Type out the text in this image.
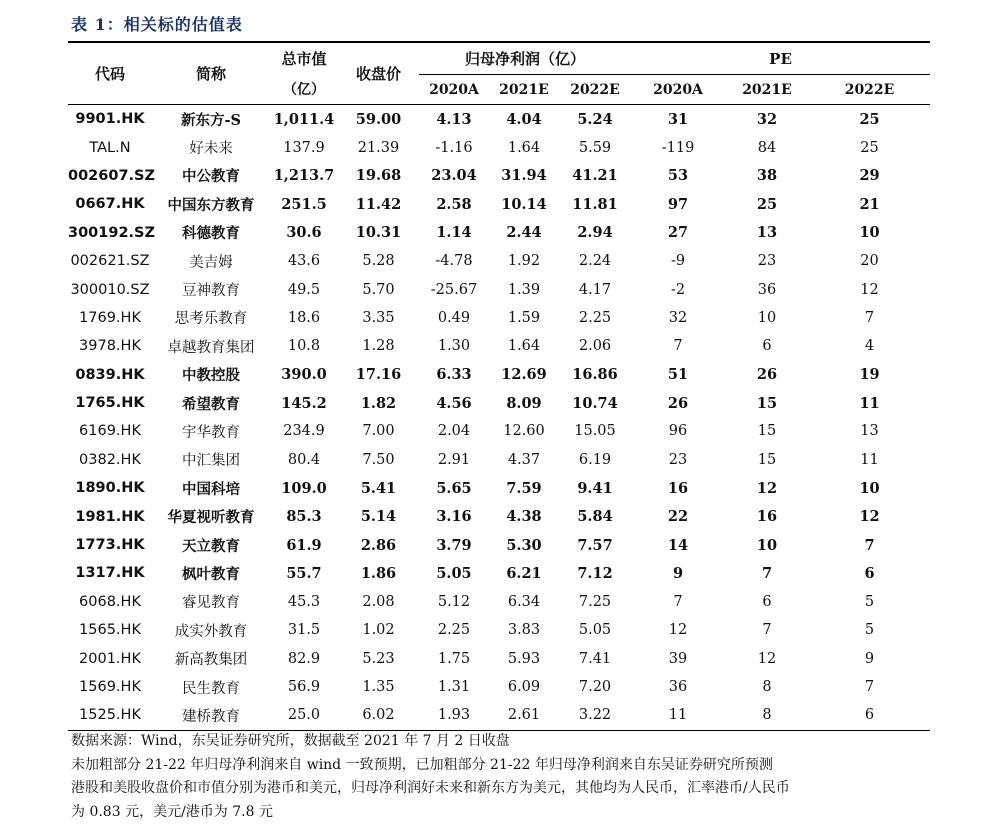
表 1：相关标的估值表
代码	简称	总市值	收盘价	归母净利润（亿）			PE		
		（亿）		2020A	2021E	2022E	2020A	2021E	2022E
9901.HK	新东方-S	1,011.4	59.00	4.13	4.04	5.24	31	32	25
TAL.N	好未来	137.9	21.39	-1.16	1.64	5.59	-119	84	25
002607.SZ	中公教育	1,213.7	19.68	23.04	31.94	41.21	53	38	29
0667.HK	中国东方教育	251.5	11.42	2.58	10.14	11.81	97	25	21
300192.SZ	科德教育	30.6	10.31	1.14	2.44	2.94	27	13	10
002621.SZ	美吉姆	43.6	5.28	-4.78	1.92	2.24	-9	23	20
300010.SZ	豆神教育	49.5	5.70	-25.67	1.39	4.17	-2	36	12
1769.HK	思考乐教育	18.6	3.35	0.49	1.59	2.25	32	10	7
3978.HK	卓越教育集团	10.8	1.28	1.30	1.64	2.06	7	6	4
0839.HK	中教控股	390.0	17.16	6.33	12.69	16.86	51	26	19
1765.HK	希望教育	145.2	1.82	4.56	8.09	10.74	26	15	11
6169.HK	宇华教育	234.9	7.00	2.04	12.60	15.05	96	15	13
0382.HK	中汇集团	80.4	7.50	2.91	4.37	6.19	23	15	11
1890.HK	中国科培	109.0	5.41	5.65	7.59	9.41	16	12	10
1981.HK	华夏视听教育	85.3	5.14	3.16	4.38	5.84	22	16	12
1773.HK	天立教育	61.9	2.86	3.79	5.30	7.57	14	10	7
1317.HK	枫叶教育	55.7	1.86	5.05	6.21	7.12	9	7	6
6068.HK	睿见教育	45.3	2.08	5.12	6.34	7.25	7	6	5
1565.HK	成实外教育	31.5	1.02	2.25	3.83	5.05	12	7	5
2001.HK	新高教集团	82.9	5.23	1.75	5.93	7.41	39	12	9
1569.HK	民生教育	56.9	1.35	1.31	6.09	7.20	36	8	7
1525.HK	建桥教育	25.0	6.02	1.93	2.61	3.22	11	8	6
数据来源：Wind，东吴证券研究所，数据截至 2021 年 7 月 2 日收盘
未加粗部分 21-22 年归母净利润来自 wind 一致预期，已加粗部分 21-22 年归母净利润来自东吴证券研究所预测
港股和美股收盘价和市值分别为港币和美元，归母净利润好未来和新东方为美元，其他均为人民币，汇率港币/人民币
为 0.83 元，美元/港币为 7.8 元
